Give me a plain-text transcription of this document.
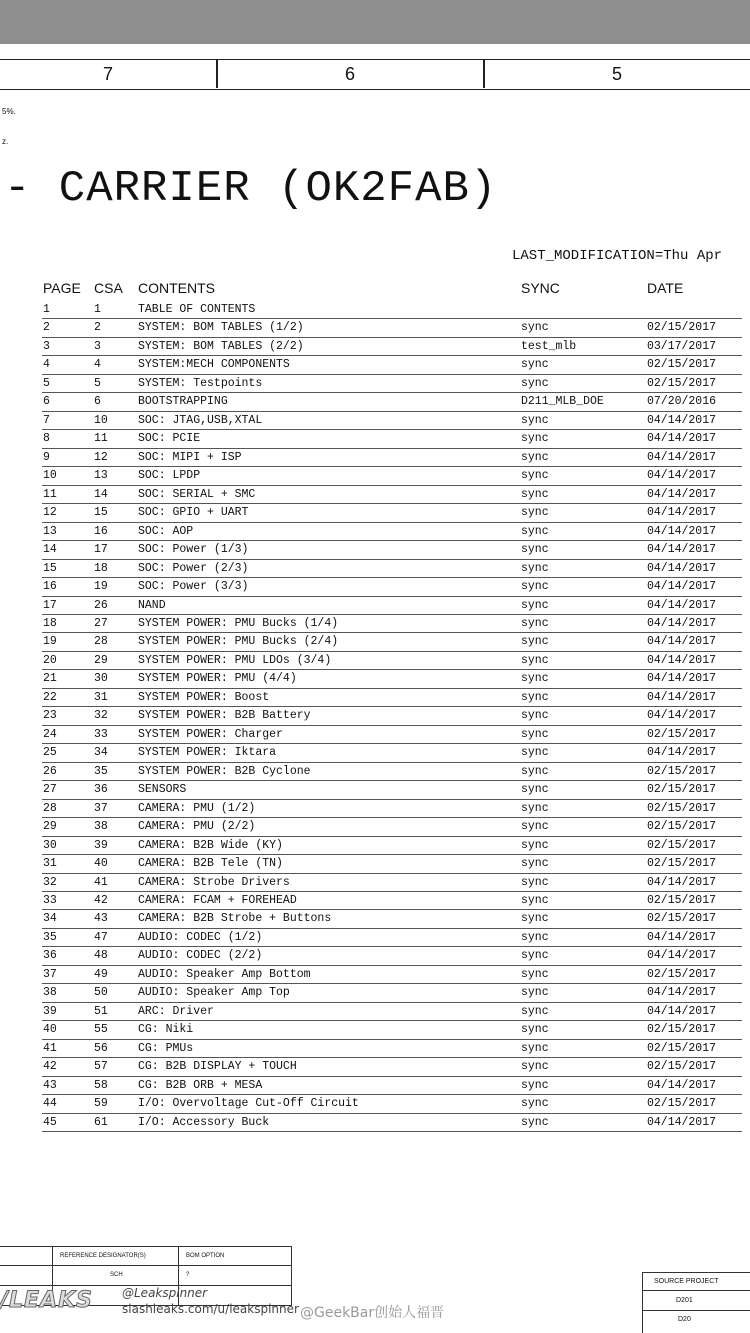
7	6	5
5%.
z.
- CARRIER (OK2FAB)
LAST_MODIFICATION=Thu Apr
PAGE CSA CONTENTS	SYNC	DATE
1	1	TABLE OF CONTENTS
2	2	SYSTEM: BOM TABLES (1/2)	sync	02/15/2017
3	3	SYSTEM: BOM TABLES (2/2)	test_mlb	03/17/2017
4	4	SYSTEM:MECH COMPONENTS	sync	02/15/2017
5	5	SYSTEM: Testpoints	sync	02/15/2017
6	6	BOOTSTRAPPING	D211_MLB_DOE	07/20/2016
7	10	SOC: JTAG,USB,XTAL	sync	04/14/2017
8	11	SOC: PCIE	sync	04/14/2017
9	12	SOC: MIPI + ISP	sync	04/14/2017
10	13	SOC: LPDP	sync	04/14/2017
11	14	SOC: SERIAL + SMC	sync	04/14/2017
12	15	SOC: GPIO + UART	sync	04/14/2017
13	16	SOC: AOP	sync	04/14/2017
14	17	SOC: Power (1/3)	sync	04/14/2017
15	18	SOC: Power (2/3)	sync	04/14/2017
16	19	SOC: Power (3/3)	sync	04/14/2017
17	26	NAND	sync	04/14/2017
18	27	SYSTEM POWER: PMU Bucks (1/4)	sync	04/14/2017
19	28	SYSTEM POWER: PMU Bucks (2/4)	sync	04/14/2017
20	29	SYSTEM POWER: PMU LDOs (3/4)	sync	04/14/2017
21	30	SYSTEM POWER: PMU (4/4)	sync	04/14/2017
22	31	SYSTEM POWER: Boost	sync	04/14/2017
23	32	SYSTEM POWER: B2B Battery	sync	04/14/2017
24	33	SYSTEM POWER: Charger	sync	02/15/2017
25	34	SYSTEM POWER: Iktara	sync	04/14/2017
26	35	SYSTEM POWER: B2B Cyclone	sync	02/15/2017
27	36	SENSORS	sync	02/15/2017
28	37	CAMERA: PMU (1/2)	sync	02/15/2017
29	38	CAMERA: PMU (2/2)	sync	02/15/2017
30	39	CAMERA: B2B Wide (KY)	sync	02/15/2017
31	40	CAMERA: B2B Tele (TN)	sync	02/15/2017
32	41	CAMERA: Strobe Drivers	sync	04/14/2017
33	42	CAMERA: FCAM + FOREHEAD	sync	02/15/2017
34	43	CAMERA: B2B Strobe + Buttons	sync	02/15/2017
35	47	AUDIO: CODEC (1/2)	sync	04/14/2017
36	48	AUDIO: CODEC (2/2)	sync	04/14/2017
37	49	AUDIO: Speaker Amp Bottom	sync	02/15/2017
38	50	AUDIO: Speaker Amp Top	sync	04/14/2017
39	51	ARC: Driver	sync	04/14/2017
40	55	CG: Niki	sync	02/15/2017
41	56	CG: PMUs	sync	02/15/2017
42	57	CG: B2B DISPLAY + TOUCH	sync	02/15/2017
43	58	CG: B2B ORB + MESA	sync	04/14/2017
44	59	I/O: Overvoltage Cut-Off Circuit	sync	02/15/2017
45	61	I/O: Accessory Buck	sync	04/14/2017
REFERENCE DESIGNATOR(S)	BOM OPTION
SCH	?
SOURCE PROJECT
D201
D20
/LEAKS @Leakspinner
slashleaks.com/u/leakspinner @GeekBar创始人福晋
